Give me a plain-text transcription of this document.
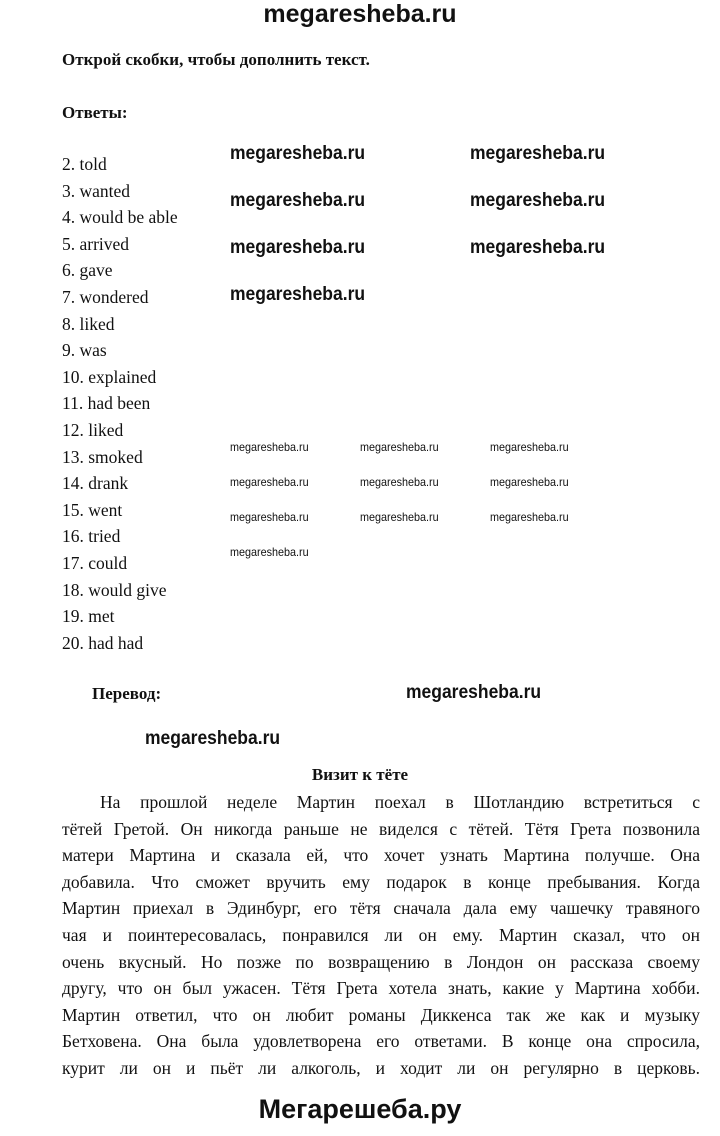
megaresheba.ru
Открой скобки, чтобы дополнить текст.
Ответы:
2. told
3. wanted
4. would be able
5. arrived
6. gave
7. wondered
8. liked
9. was
10. explained
11. had been
12. liked
13. smoked
14. drank
15. went
16. tried
17. could
18. would give
19. met
20. had had
Перевод:
Визит к тёте
На прошлой неделе Мартин поехал в Шотландию встретиться с
тётей Гретой. Он никогда раньше не виделся с тётей. Тётя Грета позвонила
матери Мартина и сказала ей, что хочет узнать Мартина получше. Она
добавила. Что сможет вручить ему подарок в конце пребывания. Когда
Мартин приехал в Эдинбург, его тётя сначала дала ему чашечку травяного
чая и поинтересовалась, понравился ли он ему. Мартин сказал, что он
очень вкусный. Но позже по возвращению в Лондон он рассказа своему
другу, что он был ужасен. Тётя Грета хотела знать, какие у Мартина хобби.
Мартин ответил, что он любит романы Диккенса так же как и музыку
Бетховена. Она была удовлетворена его ответами. В конце она спросила,
курит ли он и пьёт ли алкоголь, и ходит ли он регулярно в церковь.
megaresheba.ru	megaresheba.ru
megaresheba.ru	megaresheba.ru
megaresheba.ru	megaresheba.ru
megaresheba.ru
megaresheba.ru
megaresheba.ru
megaresheba.ru	megaresheba.ru	megaresheba.ru
megaresheba.ru	megaresheba.ru	megaresheba.ru
megaresheba.ru	megaresheba.ru	megaresheba.ru
megaresheba.ru
Мегарешеба.ру
